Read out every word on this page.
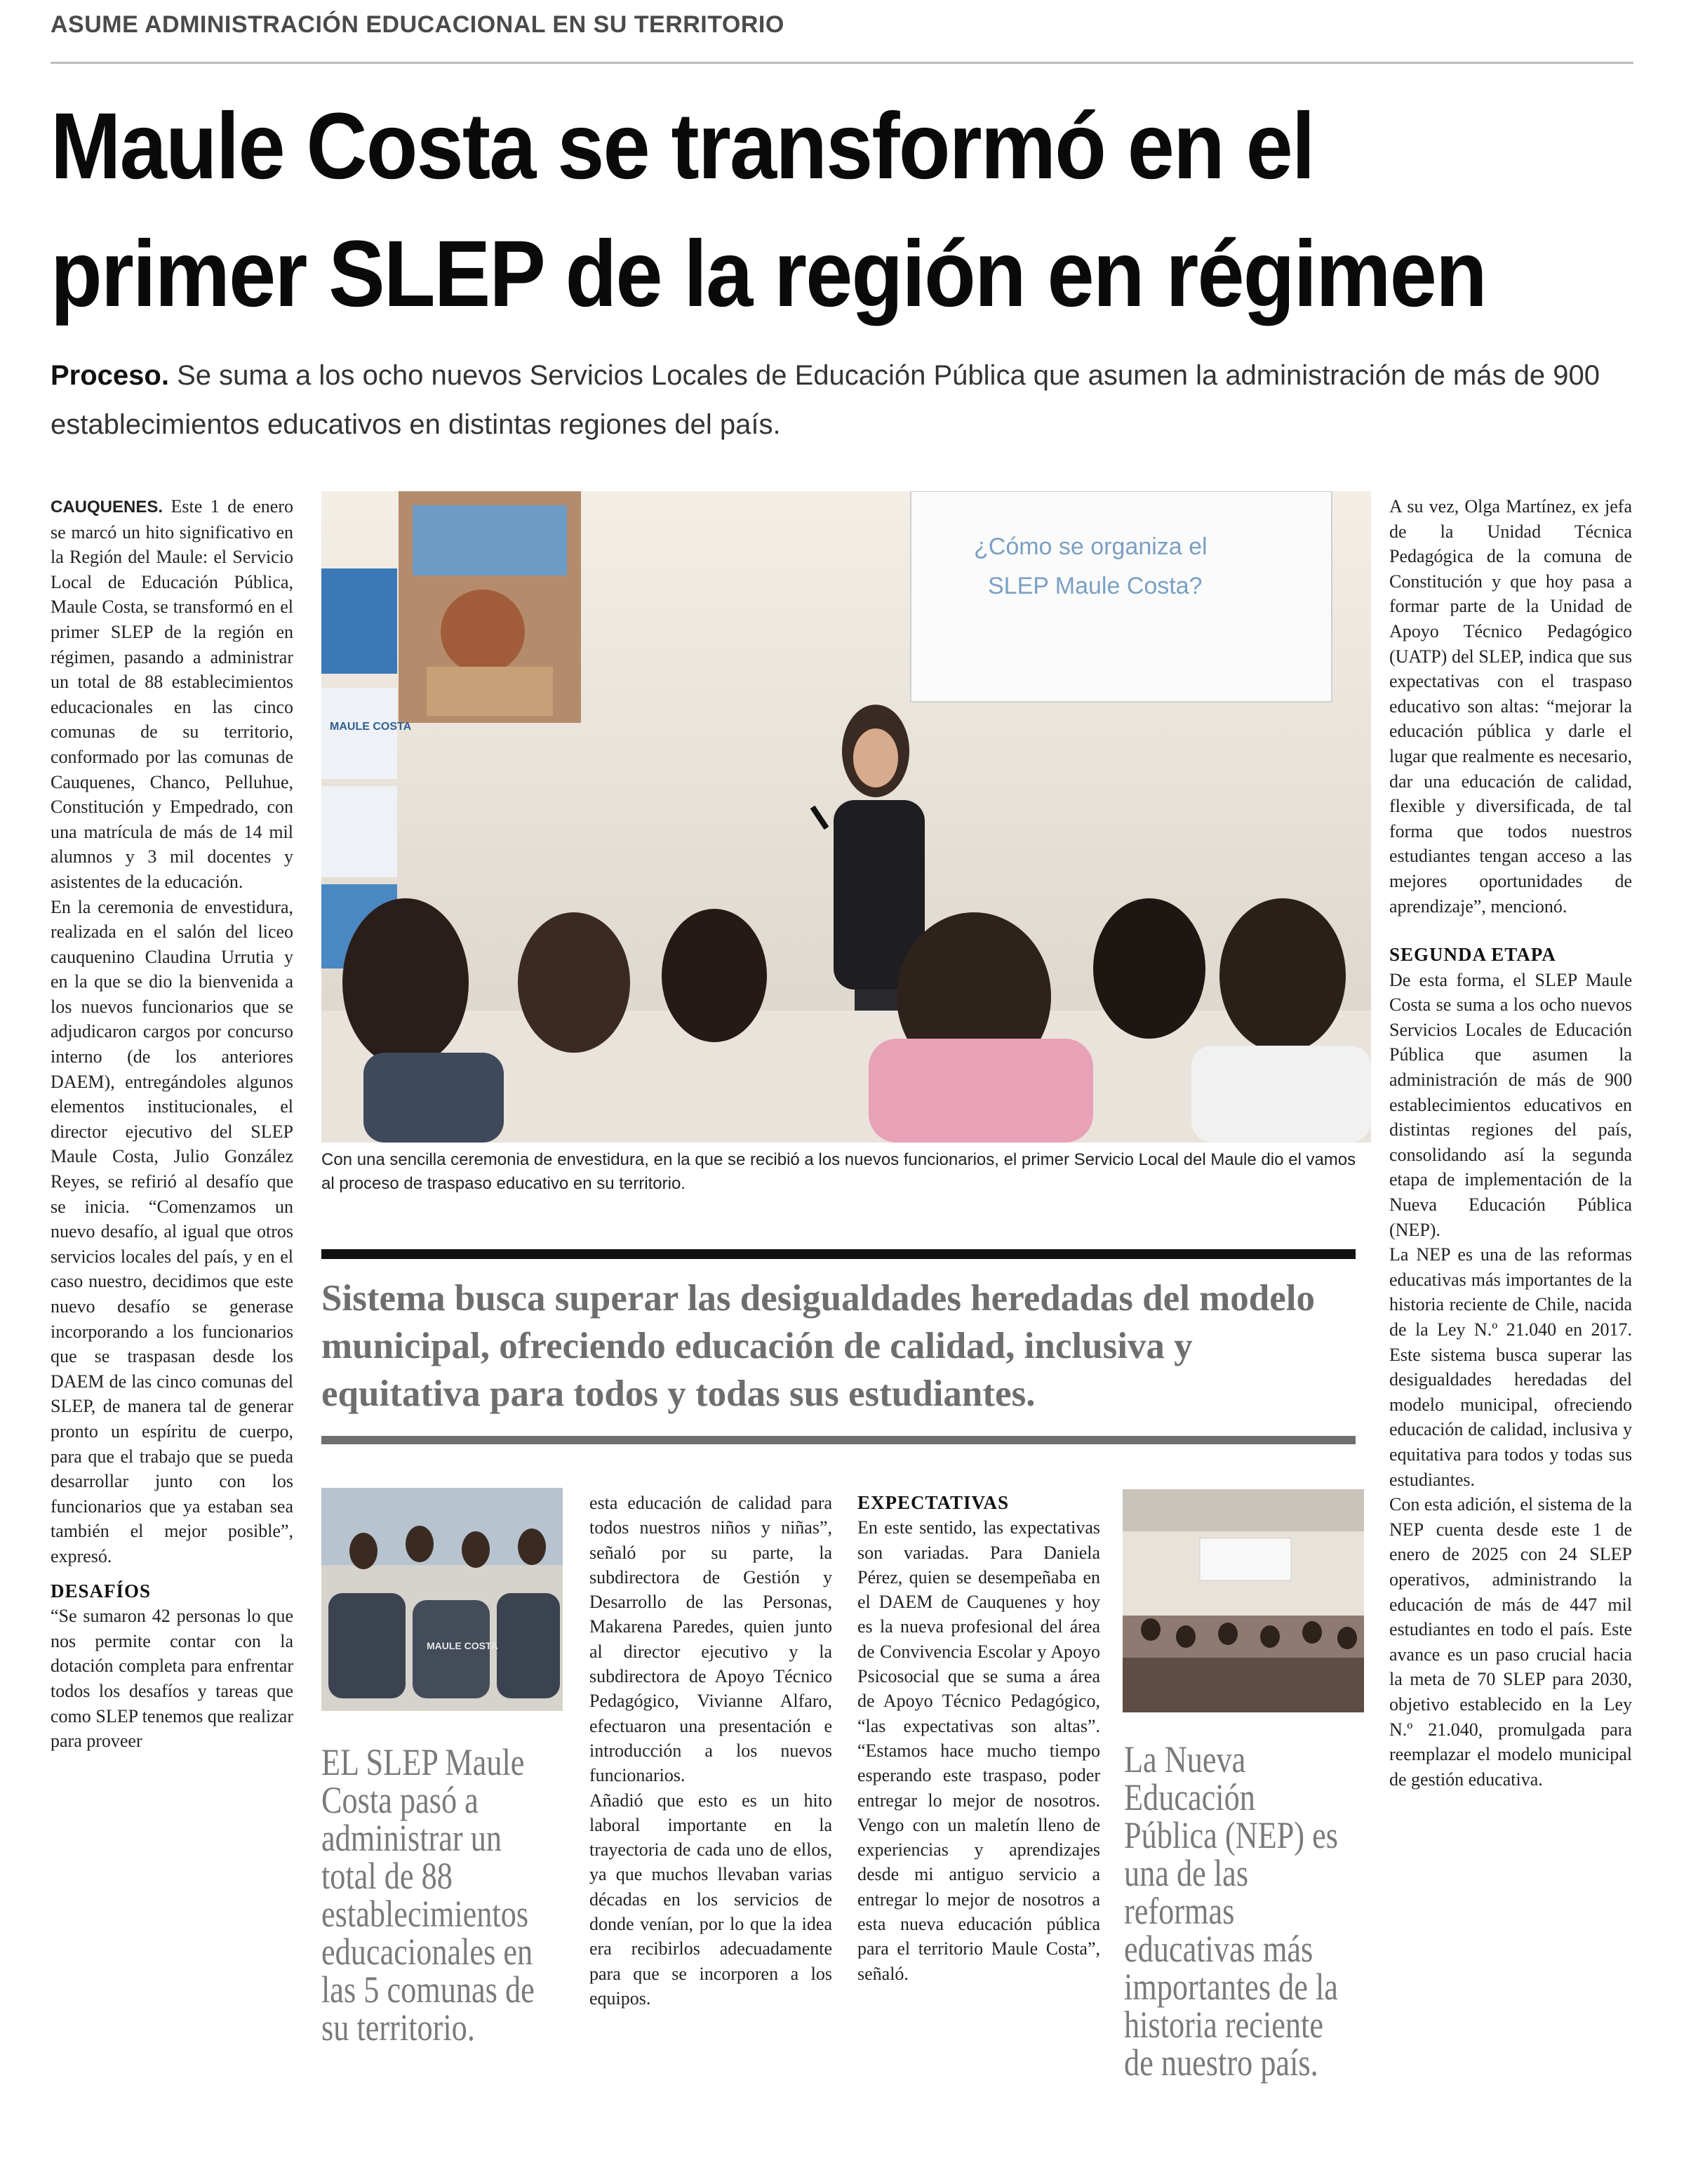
ASUME ADMINISTRACIÓN EDUCACIONAL EN SU TERRITORIO
Maule Costa se transformó en el
primer SLEP de la región en régimen
Proceso. Se suma a los ocho nuevos Servicios Locales de Educación Pública que asumen la administración de más de 900 establecimientos educativos en distintas regiones del país.

CAUQUENES. Este 1 de enero se marcó un hito significativo en la Región del Maule: el Servicio Local de Educación Pública, Maule Costa, se transformó en el primer SLEP de la región en régimen, pasando a administrar un total de 88 establecimientos educacionales en las cinco comunas de su territorio, conformado por las comunas de Cauquenes, Chanco, Pelluhue, Constitución y Empedrado, con una matrícula de más de 14 mil alumnos y 3 mil docentes y asistentes de la educación.

En la ceremonia de envestidura, realizada en el salón del liceo cauquenino Claudina Urrutia y en la que se dio la bienvenida a los nuevos funcionarios que se adjudicaron cargos por concurso interno (de los anteriores DAEM), entregándoles algunos elementos institucionales, el director ejecutivo del SLEP Maule Costa, Julio González Reyes, se refirió al desafío que se inicia. “Comenzamos un nuevo desafío, al igual que otros servicios locales del país, y en el caso nuestro, decidimos que este nuevo desafío se generase incorporando a los funcionarios que se traspasan desde los DAEM de las cinco comunas del SLEP, de manera tal de generar pronto un espíritu de cuerpo, para que el trabajo que se pueda desarrollar junto con los funcionarios que ya estaban sea también el mejor posible”, expresó.

DESAFÍOS

“Se sumaron 42 personas lo que nos permite contar con la dotación completa para enfrentar todos los desafíos y tareas que como SLEP tenemos que realizar para proveer

MAULE COSTA
¿Cómo se organiza el
SLEP Maule Costa?
Con una sencilla ceremonia de envestidura, en la que se recibió a los nuevos funcionarios, el primer Servicio Local del Maule dio el vamos al proceso de traspaso educativo en su territorio.
Sistema busca superar las desigualdades heredadas del modelo municipal, ofreciendo educación de calidad, inclusiva y equitativa para todos y todas sus estudiantes.
MAULE COSTA
EL SLEP Maule Costa pasó a administrar un total de 88 establecimientos educacionales en las 5 comunas de su territorio.

esta educación de calidad para todos nuestros niños y niñas”, señaló por su parte, la subdirectora de Gestión y Desarrollo de las Personas, Makarena Paredes, quien junto al director ejecutivo y la subdirectora de Apoyo Técnico Pedagógico, Vivianne Alfaro, efectuaron una presentación e introducción a los nuevos funcionarios.

Añadió que esto es un hito laboral importante en la trayectoria de cada uno de ellos, ya que muchos llevaban varias décadas en los servicios de donde venían, por lo que la idea era recibirlos adecuadamente para que se incorporen a los equipos.

EXPECTATIVAS

En este sentido, las expectativas son variadas. Para Daniela Pérez, quien se desempeñaba en el DAEM de Cauquenes y hoy es la nueva profesional del área de Convivencia Escolar y Apoyo Psicosocial que se suma a área de Apoyo Técnico Pedagógico, “las expectativas son altas”. “Estamos hace mucho tiempo esperando este traspaso, poder entregar lo mejor de nosotros. Vengo con un maletín lleno de experiencias y aprendizajes desde mi antiguo servicio a entregar lo mejor de nosotros a esta nueva educación pública para el territorio Maule Costa”, señaló.

La Nueva Educación Pública (NEP) es una de las reformas educativas más importantes de la historia reciente de nuestro país.

A su vez, Olga Martínez, ex jefa de la Unidad Técnica Pedagógica de la comuna de Constitución y que hoy pasa a formar parte de la Unidad de Apoyo Técnico Pedagógico (UATP) del SLEP, indica que sus expectativas con el traspaso educativo son altas: “mejorar la educación pública y darle el lugar que realmente es necesario, dar una educación de calidad, flexible y diversificada, de tal forma que todos nuestros estudiantes tengan acceso a las mejores oportunidades de aprendizaje”, mencionó.

SEGUNDA ETAPA

De esta forma, el SLEP Maule Costa se suma a los ocho nuevos Servicios Locales de Educación Pública que asumen la administración de más de 900 establecimientos educativos en distintas regiones del país, consolidando así la segunda etapa de implementación de la Nueva Educación Pública (NEP).

La NEP es una de las reformas educativas más importantes de la historia reciente de Chile, nacida de la Ley N.º 21.040 en 2017. Este sistema busca superar las desigualdades heredadas del modelo municipal, ofreciendo educación de calidad, inclusiva y equitativa para todos y todas sus estudiantes.

Con esta adición, el sistema de la NEP cuenta desde este 1 de enero de 2025 con 24 SLEP operativos, administrando la educación de más de 447 mil estudiantes en todo el país. Este avance es un paso crucial hacia la meta de 70 SLEP para 2030, objetivo establecido en la Ley N.º 21.040, promulgada para reemplazar el modelo municipal de gestión educativa.
